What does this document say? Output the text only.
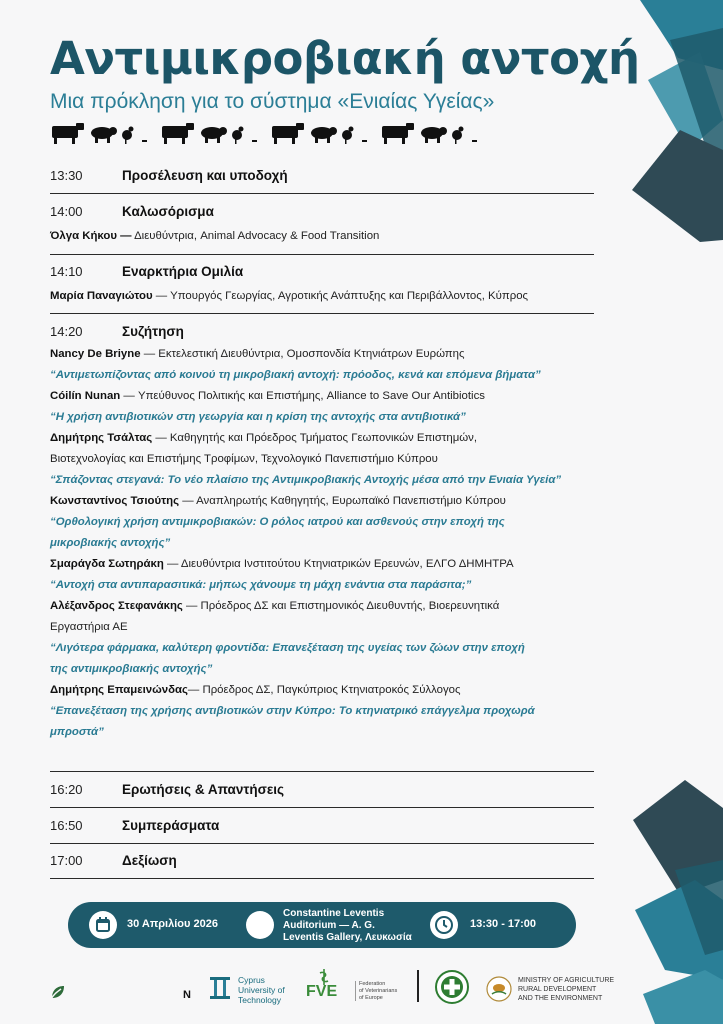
Αντιμικροβιακή αντοχή
Μια πρόκληση για το σύστημα «Ενιαίας Υγείας»
13:30	Προσέλευση και υποδοχή
14:00	Καλωσόρισμα
Όλγα Κήκου — Διευθύντρια, Animal Advocacy & Food Transition
14:10	Εναρκτήρια Ομιλία
Μαρία Παναγιώτου — Υπουργός Γεωργίας, Αγροτικής Ανάπτυξης και Περιβάλλοντος, Κύπρος
14:20	Συζήτηση
Nancy De Briyne — Εκτελεστική Διευθύντρια, Ομοσπονδία Κτηνιάτρων Ευρώπης
“Αντιμετωπίζοντας από κοινού τη μικροβιακή αντοχή: πρόοδος, κενά και επόμενα βήματα”
Cóilín Nunan — Υπεύθυνος Πολιτικής και Επιστήμης, Alliance to Save Our Antibiotics
“Η χρήση αντιβιοτικών στη γεωργία και η κρίση της αντοχής στα αντιβιοτικά”
Δημήτρης Τσάλτας — Καθηγητής και Πρόεδρος Τμήματος Γεωπονικών Επιστημών,
Βιοτεχνολογίας και Επιστήμης Τροφίμων, Τεχνολογικό Πανεπιστήμιο Κύπρου
“Σπάζοντας στεγανά: Το νέο πλαίσιο της Αντιμικροβιακής Αντοχής μέσα από την Ενιαία Υγεία”
Κωνσταντίνος Τσιούτης — Αναπληρωτής Καθηγητής, Ευρωπαϊκό Πανεπιστήμιο Κύπρου
“Ορθολογική χρήση αντιμικροβιακών: Ο ρόλος ιατρού και ασθενούς στην εποχή της
μικροβιακής αντοχής”
Σμαράγδα Σωτηράκη — Διευθύντρια Ινστιτούτου Κτηνιατρικών Ερευνών, ΕΛΓΟ ΔΗΜΗΤΡΑ
“Αντοχή στα αντιπαρασιτικά: μήπως χάνουμε τη μάχη ενάντια στα παράσιτα;”
Αλέξανδρος Στεφανάκης — Πρόεδρος ΔΣ και Επιστημονικός Διευθυντής, Βιοερευνητικά
Εργαστήρια ΑΕ
“Λιγότερα φάρμακα, καλύτερη φροντίδα: Επανεξέταση της υγείας των ζώων στην εποχή
της αντιμικροβιακής αντοχής”
Δημήτρης Επαμεινώνδας— Πρόεδρος ΔΣ, Παγκύπριος Κτηνιατροκός Σύλλογος
“Επανεξέταση της χρήσης αντιβιοτικών στην Κύπρο: Το κτηνιατρικό επάγγελμα προχωρά
μπροστά”
16:20	Ερωτήσεις & Απαντήσεις
16:50	Συμπεράσματα
17:00	Δεξίωση
30 Απριλίου 2026
Constantine Leventis
Auditorium — A. G.
Leventis Gallery, Λευκωσία
13:30 - 17:00
N
Cyprus
University of
Technology FVE	Federation
of Veterinarians
of Europe
MINISTRY OF AGRICULTURE
RURAL DEVELOPMENT
AND THE ENVIRONMENT
